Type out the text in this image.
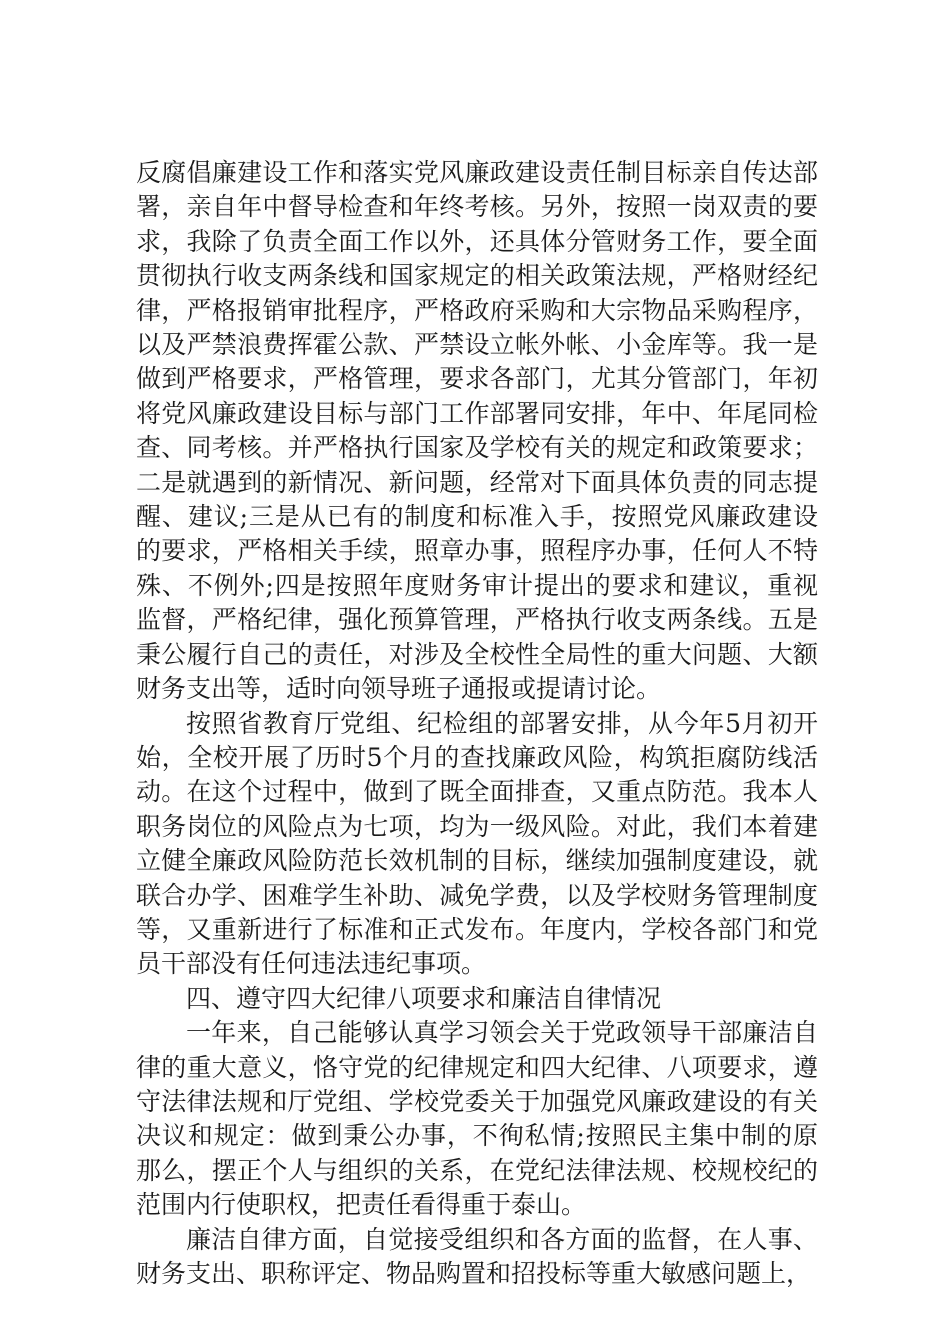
反腐倡廉建设工作和落实党风廉政建设责任制目标亲自传达部署，亲自年中督导检查和年终考核。另外，按照一岗双责的要求，我除了负责全面工作以外，还具体分管财务工作，要全面贯彻执行收支两条线和国家规定的相关政策法规，严格财经纪律，严格报销审批程序，严格政府采购和大宗物品采购程序，以及严禁浪费挥霍公款、严禁设立帐外帐、小金库等。我一是做到严格要求，严格管理，要求各部门，尤其分管部门，年初将党风廉政建设目标与部门工作部署同安排，年中、年尾同检查、同考核。并严格执行国家及学校有关的规定和政策要求；二是就遇到的新情况、新问题，经常对下面具体负责的同志提醒、建议;三是从已有的制度和标准入手，按照党风廉政建设的要求，严格相关手续，照章办事，照程序办事，任何人不特殊、不例外;四是按照年度财务审计提出的要求和建议，重视监督，严格纪律，强化预算管理，严格执行收支两条线。五是秉公履行自己的责任，对涉及全校性全局性的重大问题、大额财务支出等，适时向领导班子通报或提请讨论。

按照省教育厅党组、纪检组的部署安排，从今年5月初开始，全校开展了历时5个月的查找廉政风险，构筑拒腐防线活动。在这个过程中，做到了既全面排查，又重点防范。我本人职务岗位的风险点为七项，均为一级风险。对此，我们本着建立健全廉政风险防范长效机制的目标，继续加强制度建设，就联合办学、困难学生补助、减免学费，以及学校财务管理制度等，又重新进行了标准和正式发布。年度内，学校各部门和党员干部没有任何违法违纪事项。

四、遵守四大纪律八项要求和廉洁自律情况

一年来，自己能够认真学习领会关于党政领导干部廉洁自律的重大意义，恪守党的纪律规定和四大纪律、八项要求，遵守法律法规和厅党组、学校党委关于加强党风廉政建设的有关决议和规定：做到秉公办事，不徇私情;按照民主集中制的原那么，摆正个人与组织的关系，在党纪法律法规、校规校纪的范围内行使职权，把责任看得重于泰山。

廉洁自律方面，自觉接受组织和各方面的监督，在人事、财务支出、职称评定、物品购置和招投标等重大敏感问题上，
